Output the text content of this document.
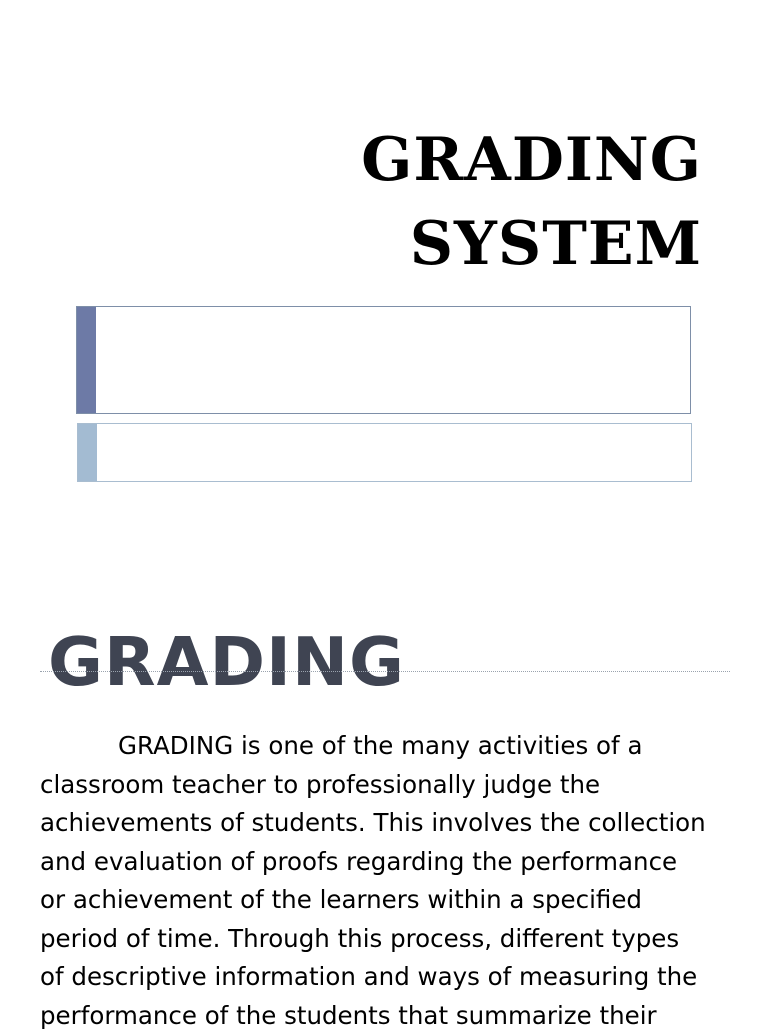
GRADING
SYSTEM
GRADING

GRADING is one of the many activities of a
classroom teacher to professionally judge the
achievements of students. This involves the collection
and evaluation of proofs regarding the performance
or achievement of the learners within a specified
period of time. Through this process, different types
of descriptive information and ways of measuring the
performance of the students that summarize their
